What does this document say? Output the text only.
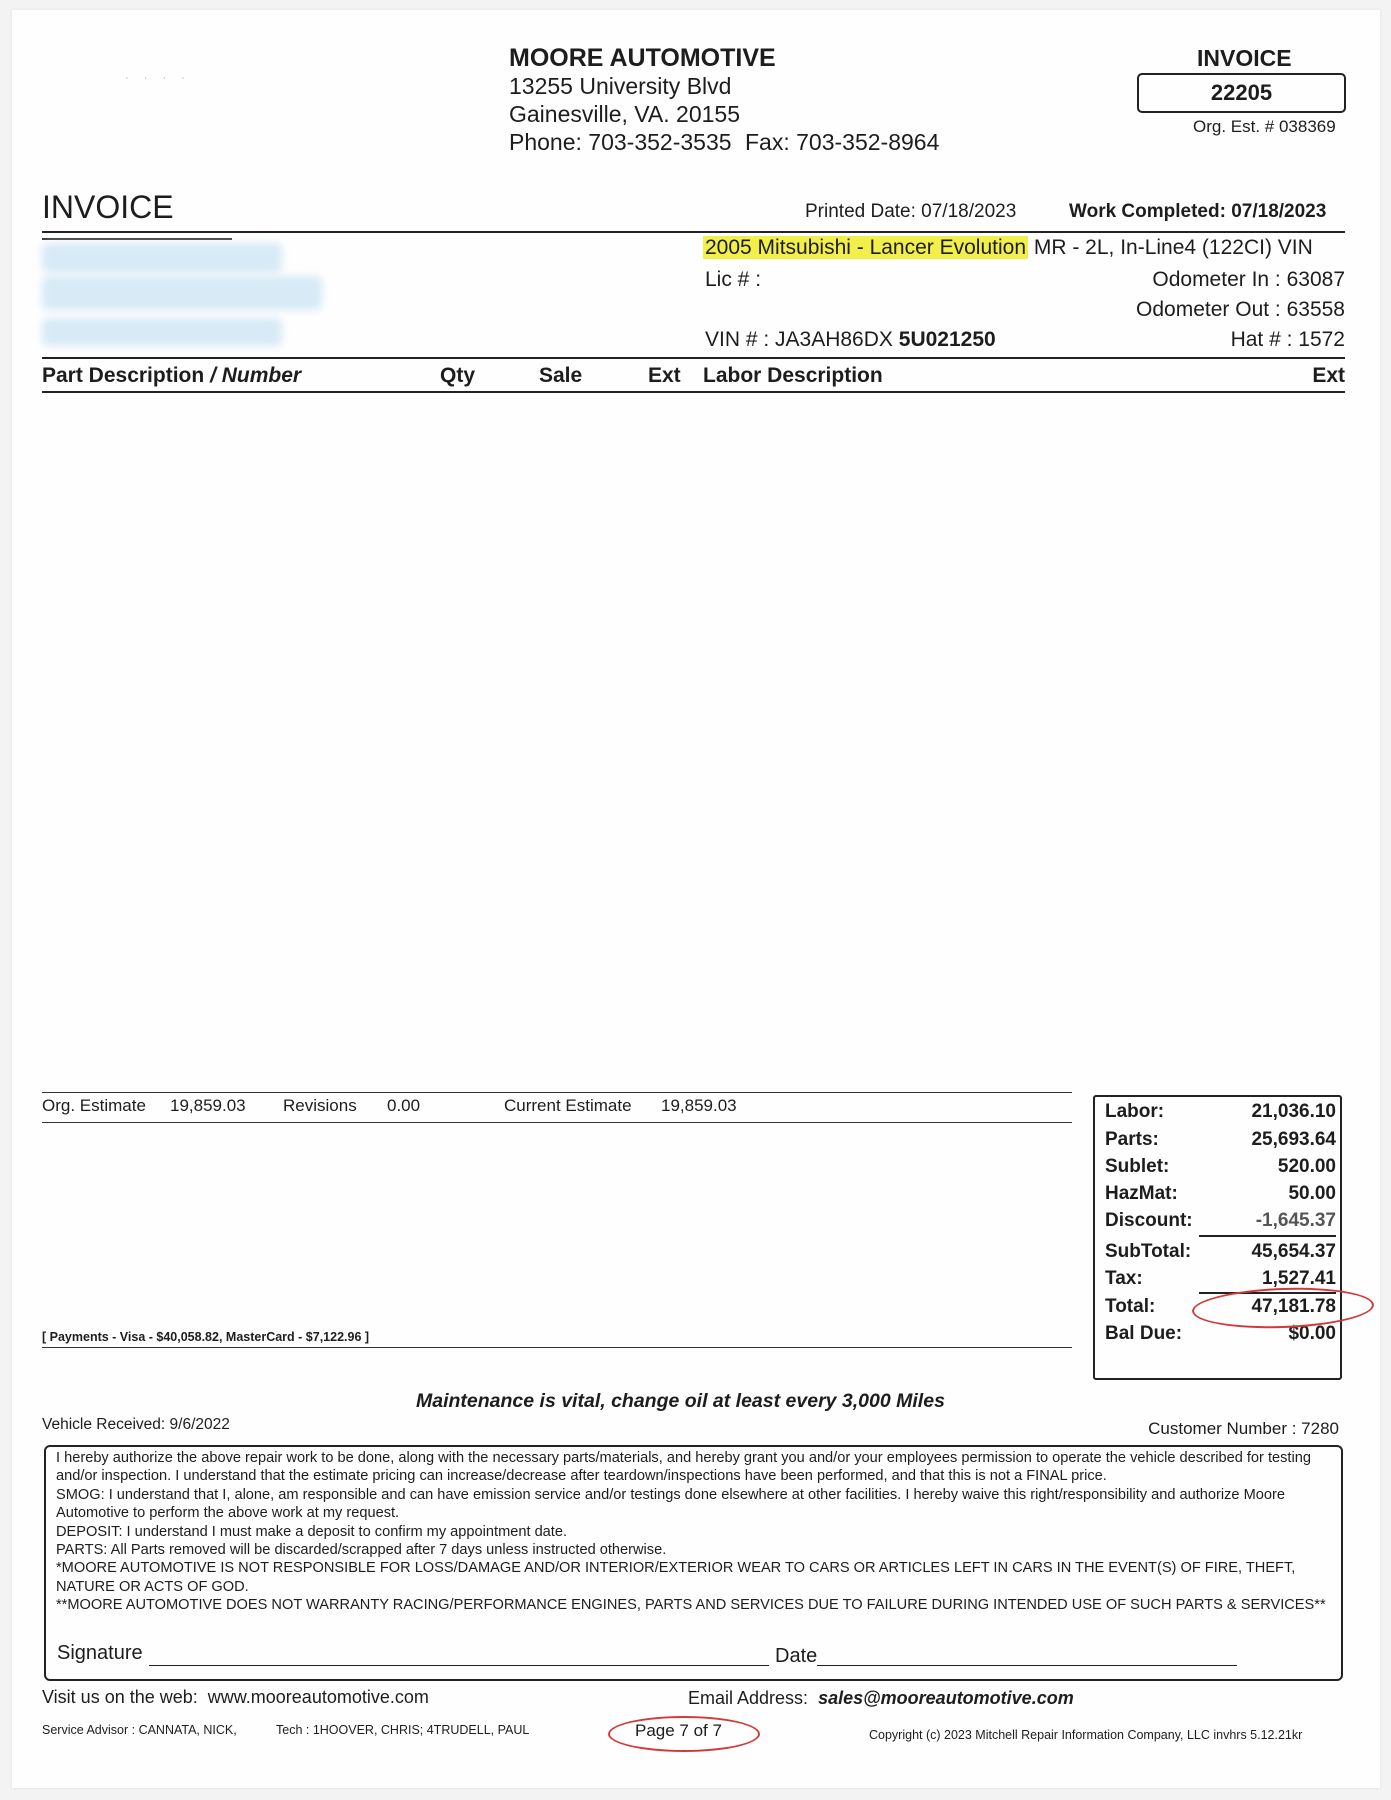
MOORE AUTOMOTIVE
13255 University Blvd
Gainesville, VA. 20155
Phone: 703-352-3535 Fax: 703-352-8964
INVOICE
22205
Org. Est. # 038369
· · · ·
INVOICE	Printed Date: 07/18/2023	Work Completed: 07/18/2023
2005 Mitsubishi - Lancer Evolution MR - 2L, In-Line4 (122CI) VIN
Lic # :	Odometer In : 63087
Odometer Out : 63558
VIN # : JA3AH86DX 5U021250	Hat # : 1572
Part Description / Number	Qty	Sale	Ext Labor Description	Ext
Org. Estimate 19,859.03 Revisions 0.00	Current Estimate 19,859.03
[ Payments - Visa - $40,058.82, MasterCard - $7,122.96 ]
Labor:	21,036.10
Parts:	25,693.64
Sublet:	520.00
HazMat:	50.00
Discount:	-1,645.37
SubTotal:	45,654.37
Tax:	1,527.41
Total:	47,181.78
Bal Due:	$0.00
Maintenance is vital, change oil at least every 3,000 Miles
Vehicle Received: 9/6/2022	Customer Number : 7280

I hereby authorize the above repair work to be done, along with the necessary parts/materials, and hereby grant you and/or your employees permission to operate the vehicle described for testing and/or inspection. I understand that the estimate pricing can increase/decrease after teardown/inspections have been performed, and that this is not a FINAL price.

SMOG: I understand that I, alone, am responsible and can have emission service and/or testings done elsewhere at other facilities. I hereby waive this right/responsibility and authorize Moore Automotive to perform the above work at my request.

DEPOSIT: I understand I must make a deposit to confirm my appointment date.

PARTS: All Parts removed will be discarded/scrapped after 7 days unless instructed otherwise.

*MOORE AUTOMOTIVE IS NOT RESPONSIBLE FOR LOSS/DAMAGE AND/OR INTERIOR/EXTERIOR WEAR TO CARS OR ARTICLES LEFT IN CARS IN THE EVENT(S) OF FIRE, THEFT, NATURE OR ACTS OF GOD.

**MOORE AUTOMOTIVE DOES NOT WARRANTY RACING/PERFORMANCE ENGINES, PARTS AND SERVICES DUE TO FAILURE DURING INTENDED USE OF SUCH PARTS & SERVICES**

Signature	Date
Visit us on the web: www.mooreautomotive.com	Email Address: sales@mooreautomotive.com
Service Advisor : CANNATA, NICK,	Tech : 1HOOVER, CHRIS; 4TRUDELL, PAUL	Page 7 of 7	Copyright (c) 2023 Mitchell Repair Information Company, LLC invhrs 5.12.21kr
